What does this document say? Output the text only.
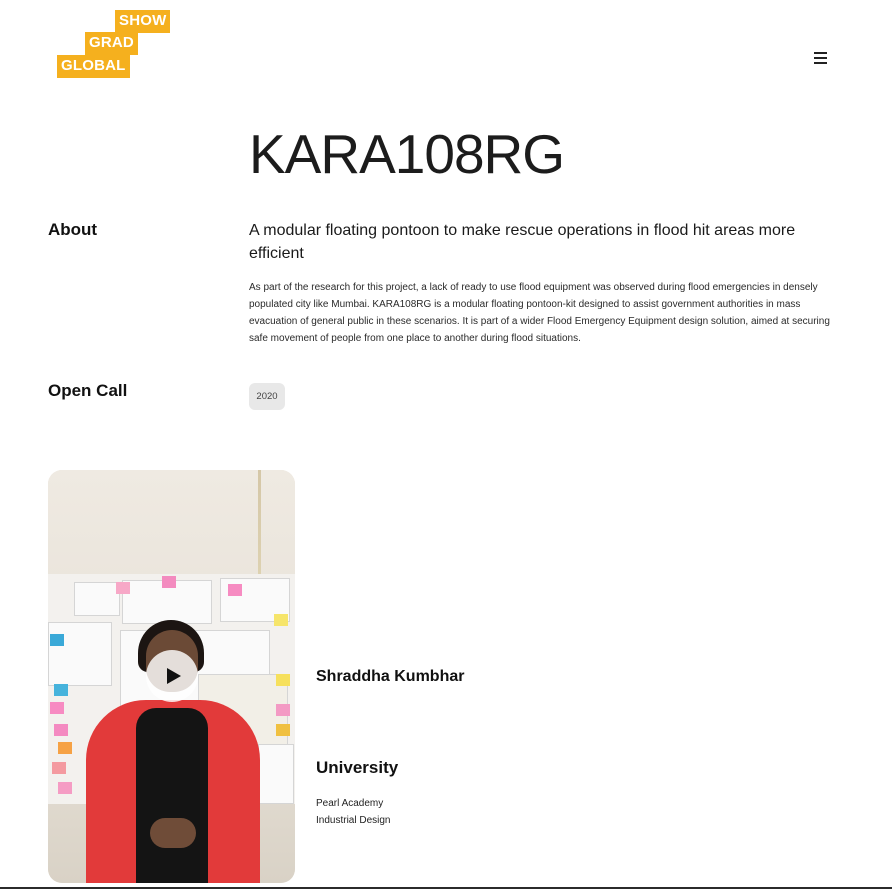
SHOW
GRAD
GLOBAL
KARA108RG
About	A modular floating pontoon to make rescue operations in flood hit areas more efficient
As part of the research for this project, a lack of ready to use flood equipment was observed during flood emergencies in densely populated city like Mumbai. KARA108RG is a modular floating pontoon-kit designed to assist government authorities in mass evacuation of general public in these scenarios. It is part of a wider Flood Emergency Equipment design solution, aimed at securing safe movement of people from one place to another during flood situations.
Open Call	2020
Shraddha Kumbhar
University
Pearl Academy
Industrial Design
